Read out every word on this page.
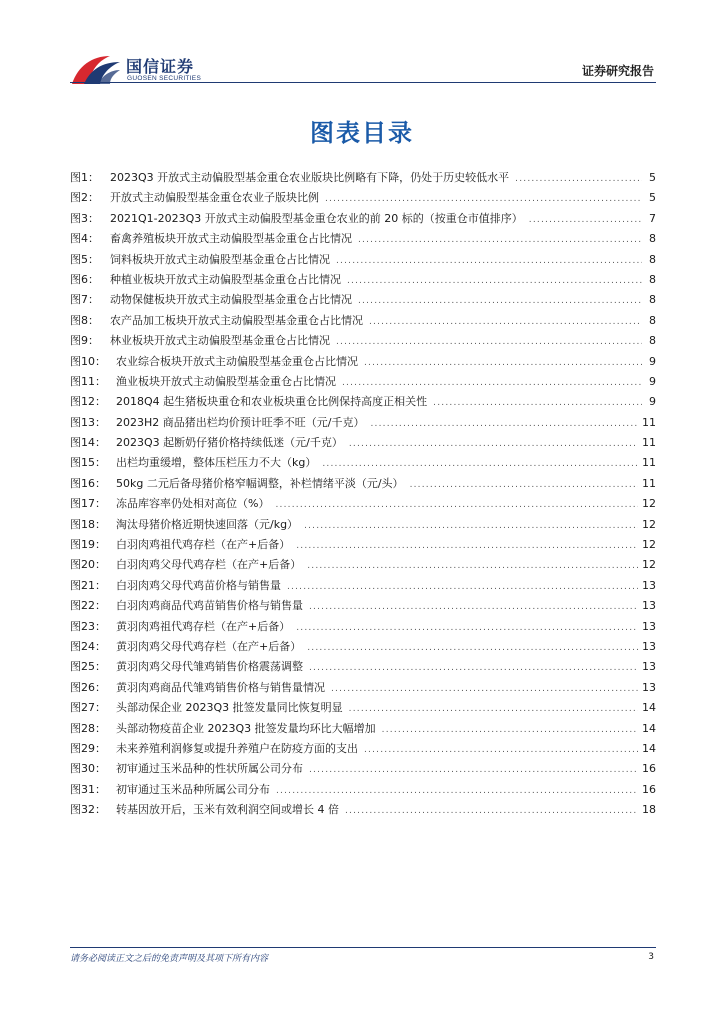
国信证券
GUOSEN SECURITIES
证券研究报告
图表目录
图1：	2023Q3 开放式主动偏股型基金重仓农业版块比例略有下降，仍处于历史较低水平 .....	5
图2：	开放式主动偏股型基金重仓农业子版块比例 .....	5
图3：	2021Q1-2023Q3 开放式主动偏股型基金重仓农业的前 20 标的（按重仓市值排序） .....	7
图4：	畜禽养殖板块开放式主动偏股型基金重仓占比情况 .....	8
图5：	饲料板块开放式主动偏股型基金重仓占比情况 .....	8
图6：	种植业板块开放式主动偏股型基金重仓占比情况 .....	8
图7：	动物保健板块开放式主动偏股型基金重仓占比情况 .....	8
图8：	农产品加工板块开放式主动偏股型基金重仓占比情况 .....	8
图9：	林业板块开放式主动偏股型基金重仓占比情况 .....	8
图10： 农业综合板块开放式主动偏股型基金重仓占比情况 .....	9
图11： 渔业板块开放式主动偏股型基金重仓占比情况 .....	9
图12： 2018Q4 起生猪板块重仓和农业板块重仓比例保持高度正相关性 .....	9
图13： 2023H2 商品猪出栏均价预计旺季不旺（元/千克） .....	11
图14： 2023Q3 起断奶仔猪价格持续低迷（元/千克） .....	11
图15： 出栏均重缓增，整体压栏压力不大（kg） .....	11
图16： 50kg 二元后备母猪价格窄幅调整，补栏情绪平淡（元/头） .....	11
图17： 冻品库容率仍处相对高位（%） .....	12
图18： 淘汰母猪价格近期快速回落（元/kg） .....	12
图19： 白羽肉鸡祖代鸡存栏（在产+后备） .....	12
图20： 白羽肉鸡父母代鸡存栏（在产+后备） .....	12
图21： 白羽肉鸡父母代鸡苗价格与销售量 .....	13
图22： 白羽肉鸡商品代鸡苗销售价格与销售量 .....	13
图23： 黄羽肉鸡祖代鸡存栏（在产+后备） .....	13
图24： 黄羽肉鸡父母代鸡存栏（在产+后备） .....	13
图25： 黄羽肉鸡父母代雏鸡销售价格震荡调整 .....	13
图26： 黄羽肉鸡商品代雏鸡销售价格与销售量情况 .....	13
图27： 头部动保企业 2023Q3 批签发量同比恢复明显 .....	14
图28： 头部动物疫苗企业 2023Q3 批签发量均环比大幅增加 .....	14
图29： 未来养殖利润修复或提升养殖户在防疫方面的支出 .....	14
图30： 初审通过玉米品种的性状所属公司分布 .....	16
图31： 初审通过玉米品种所属公司分布 .....	16
图32： 转基因放开后，玉米有效利润空间或增长 4 倍 .....	18
请务必阅读正文之后的免责声明及其项下所有内容	3
